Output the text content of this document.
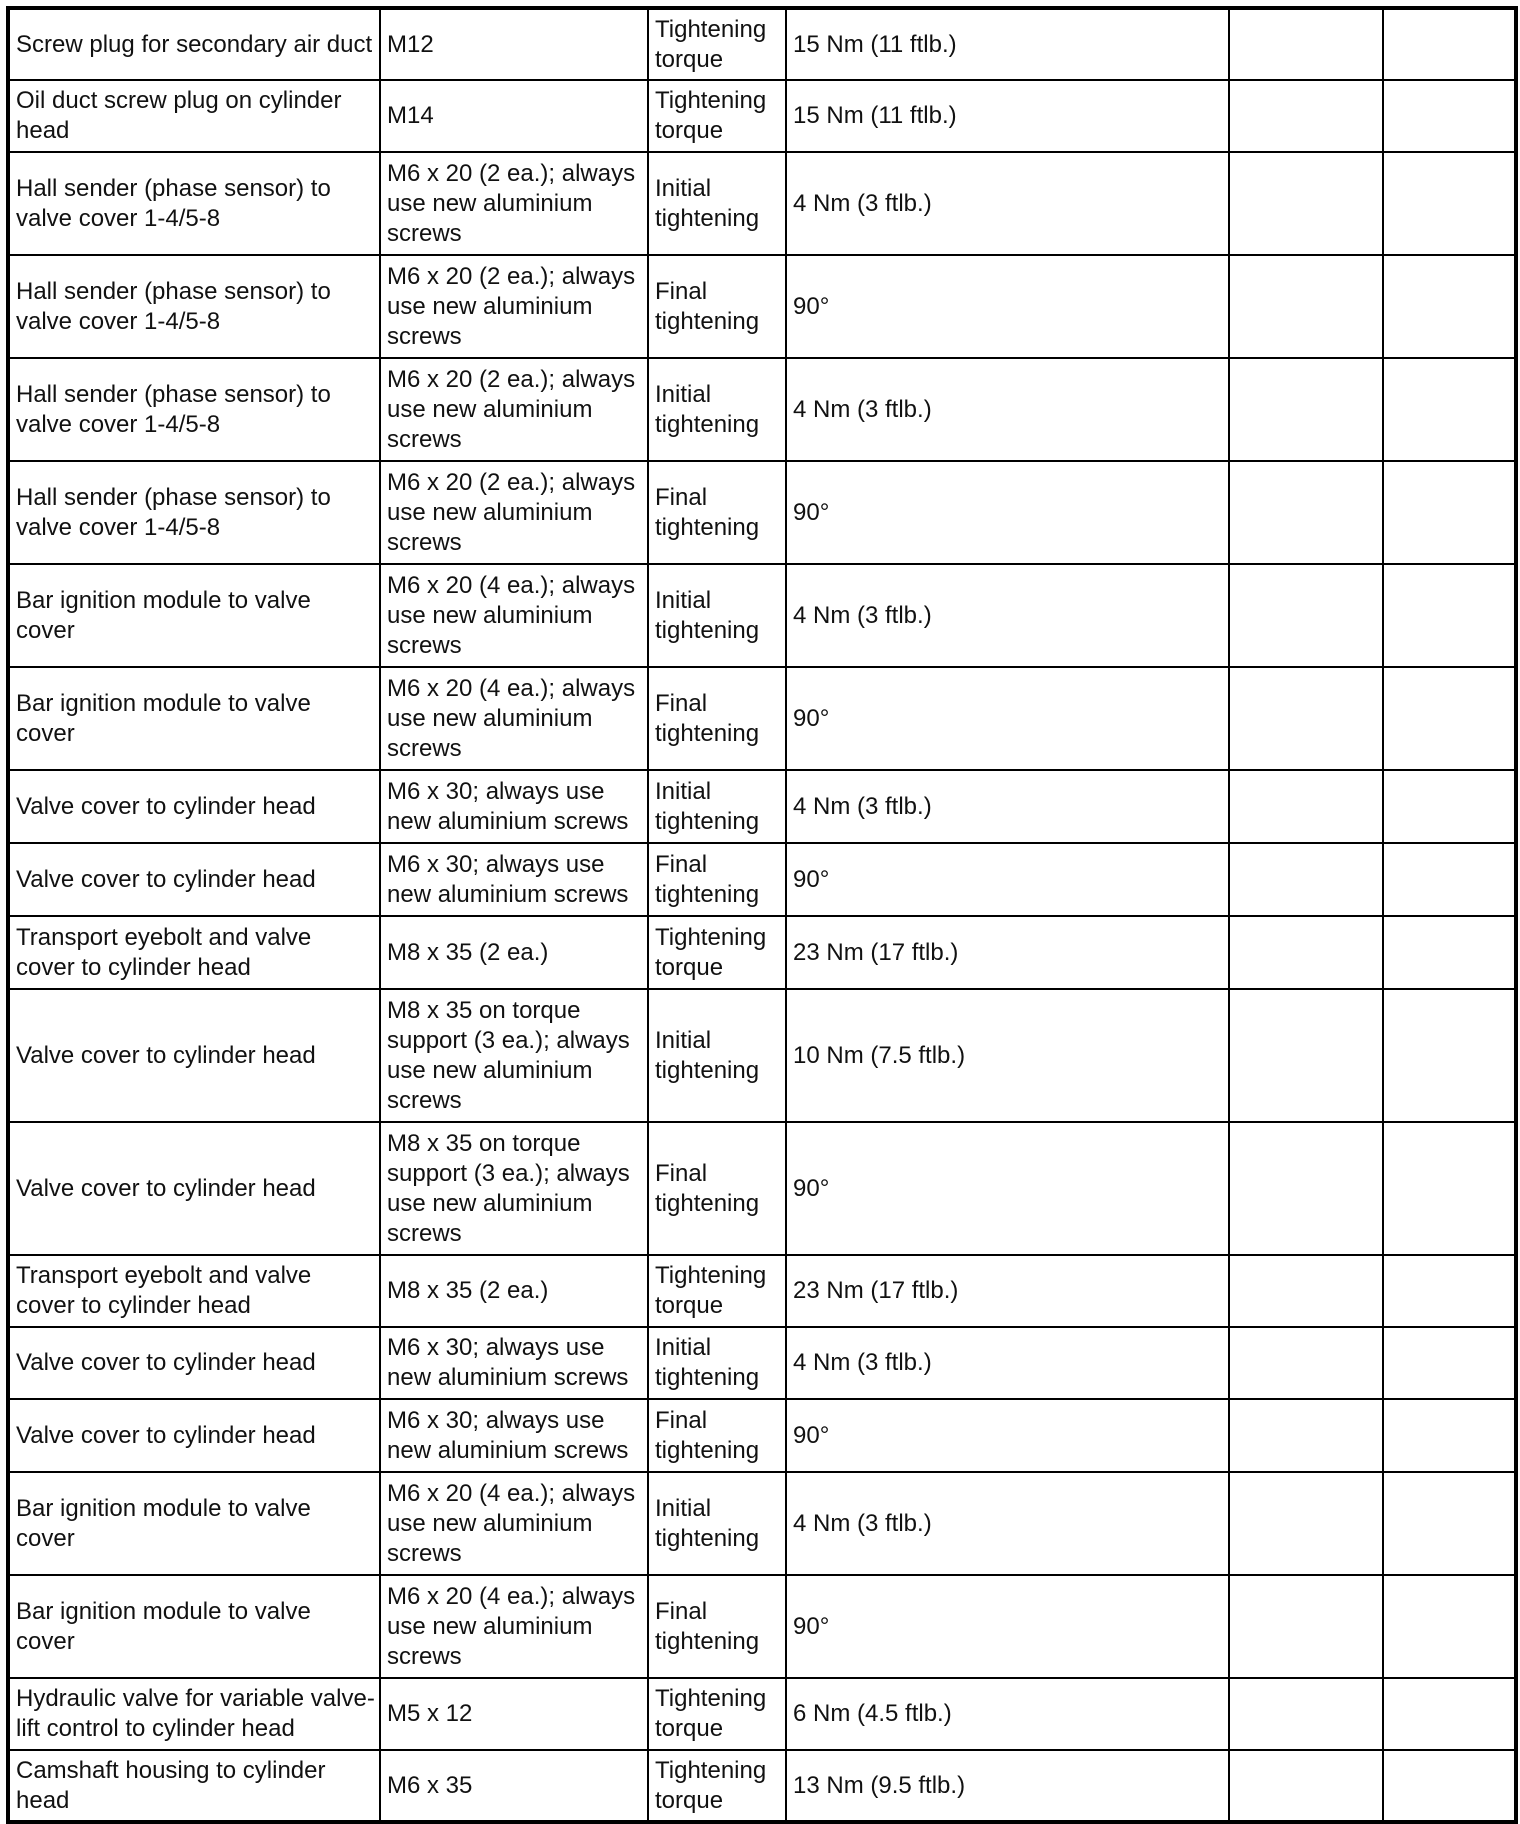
Screw plug for secondary air duct	M12	Tightening torque	15 Nm (11 ftlb.)		
Oil duct screw plug on cylinder head	M14	Tightening torque	15 Nm (11 ftlb.)		
Hall sender (phase sensor) to valve cover 1-4/5-8	M6 x 20 (2 ea.); always use new aluminium screws	Initial tightening	4 Nm (3 ftlb.)		
Hall sender (phase sensor) to valve cover 1-4/5-8	M6 x 20 (2 ea.); always use new aluminium screws	Final tightening	90°		
Hall sender (phase sensor) to valve cover 1-4/5-8	M6 x 20 (2 ea.); always use new aluminium screws	Initial tightening	4 Nm (3 ftlb.)		
Hall sender (phase sensor) to valve cover 1-4/5-8	M6 x 20 (2 ea.); always use new aluminium screws	Final tightening	90°		
Bar ignition module to valve cover	M6 x 20 (4 ea.); always use new aluminium screws	Initial tightening	4 Nm (3 ftlb.)		
Bar ignition module to valve cover	M6 x 20 (4 ea.); always use new aluminium screws	Final tightening	90°		
Valve cover to cylinder head	M6 x 30; always use new aluminium screws	Initial tightening	4 Nm (3 ftlb.)		
Valve cover to cylinder head	M6 x 30; always use new aluminium screws	Final tightening	90°		
Transport eyebolt and valve cover to cylinder head	M8 x 35 (2 ea.)	Tightening torque	23 Nm (17 ftlb.)		
Valve cover to cylinder head	M8 x 35 on torque support (3 ea.); always use new aluminium screws	Initial tightening	10 Nm (7.5 ftlb.)		
Valve cover to cylinder head	M8 x 35 on torque support (3 ea.); always use new aluminium screws	Final tightening	90°		
Transport eyebolt and valve cover to cylinder head	M8 x 35 (2 ea.)	Tightening torque	23 Nm (17 ftlb.)		
Valve cover to cylinder head	M6 x 30; always use new aluminium screws	Initial tightening	4 Nm (3 ftlb.)		
Valve cover to cylinder head	M6 x 30; always use new aluminium screws	Final tightening	90°		
Bar ignition module to valve cover	M6 x 20 (4 ea.); always use new aluminium screws	Initial tightening	4 Nm (3 ftlb.)		
Bar ignition module to valve cover	M6 x 20 (4 ea.); always use new aluminium screws	Final tightening	90°		
Hydraulic valve for variable valve-lift control to cylinder head	M5 x 12	Tightening torque	6 Nm (4.5 ftlb.)		
Camshaft housing to cylinder head	M6 x 35	Tightening torque	13 Nm (9.5 ftlb.)		
